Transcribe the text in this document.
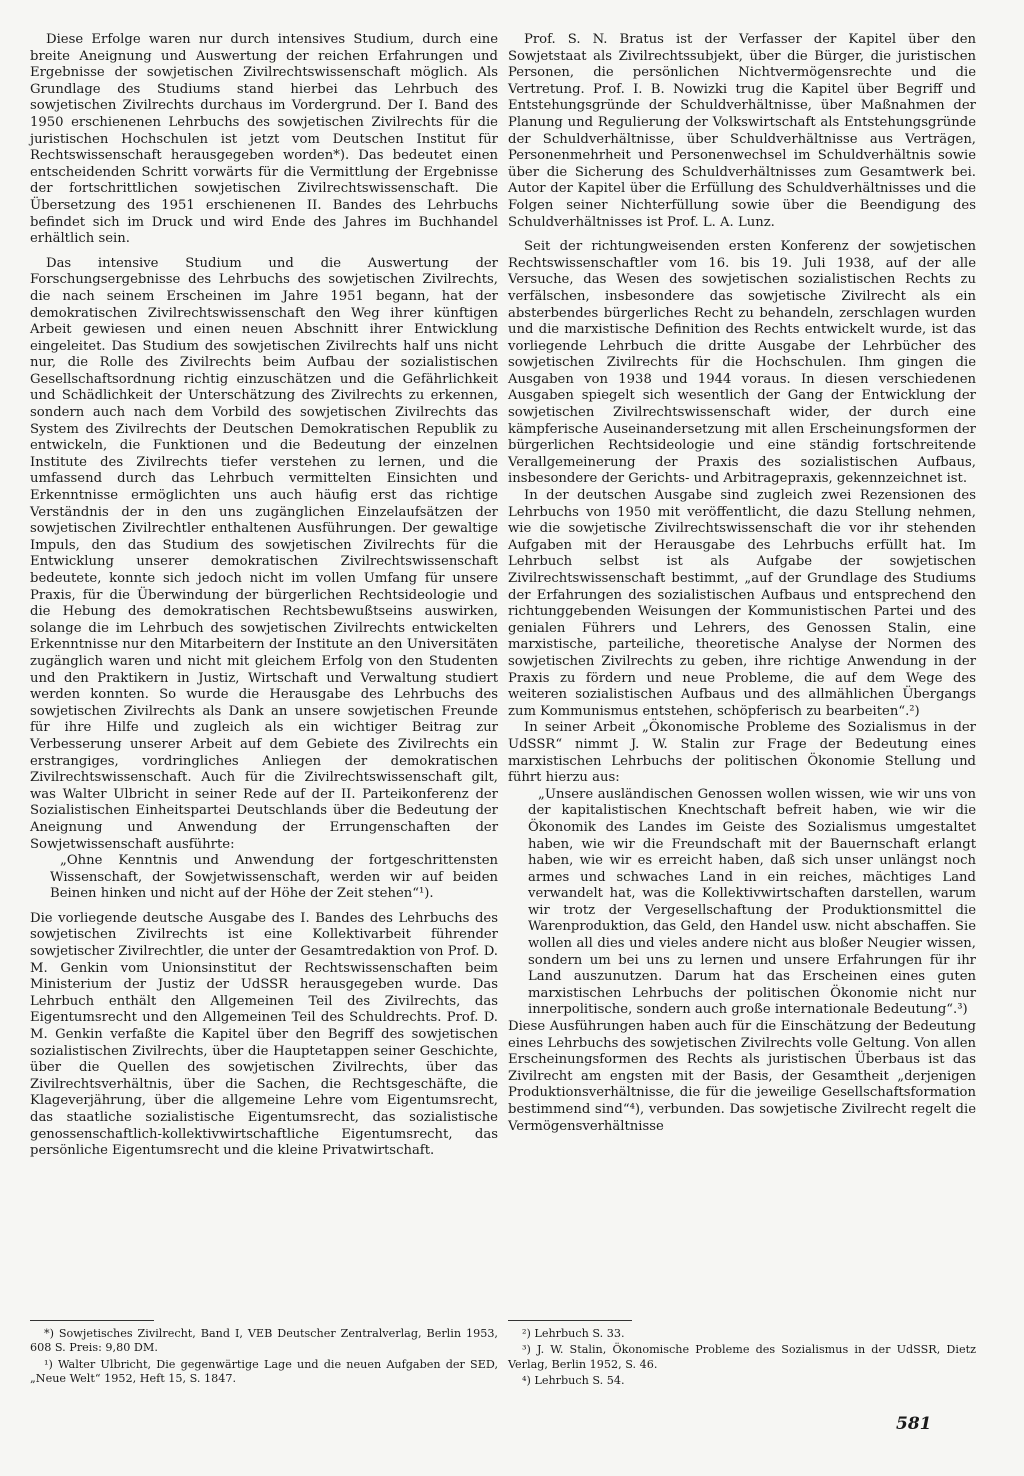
Diese Erfolge waren nur durch intensives Studium, durch eine breite Aneignung und Auswertung der reichen Erfahrungen und Ergebnisse der sowjetischen Zivilrechtswissenschaft möglich. Als Grundlage des Studiums stand hierbei das Lehrbuch des sowjetischen Zivilrechts durchaus im Vordergrund. Der I. Band des 1950 erschienenen Lehrbuchs des sowjetischen Zivilrechts für die juristischen Hochschulen ist jetzt vom Deutschen Institut für Rechtswissenschaft herausgegeben worden*). Das bedeutet einen entscheidenden Schritt vorwärts für die Vermittlung der Ergebnisse der fortschrittlichen sowjetischen Zivilrechtswissenschaft. Die Übersetzung des 1951 erschienenen II. Bandes des Lehrbuchs befindet sich im Druck und wird Ende des Jahres im Buchhandel erhältlich sein.

Das intensive Studium und die Auswertung der Forschungsergebnisse des Lehrbuchs des sowjetischen Zivilrechts, die nach seinem Erscheinen im Jahre 1951 begann, hat der demokratischen Zivilrechtswissenschaft den Weg ihrer künftigen Arbeit gewiesen und einen neuen Abschnitt ihrer Entwicklung eingeleitet. Das Studium des sowjetischen Zivilrechts half uns nicht nur, die Rolle des Zivilrechts beim Aufbau der sozialistischen Gesellschaftsordnung richtig einzuschätzen und die Gefährlichkeit und Schädlichkeit der Unterschätzung des Zivilrechts zu erkennen, sondern auch nach dem Vorbild des sowjetischen Zivilrechts das System des Zivilrechts der Deutschen Demokratischen Republik zu entwickeln, die Funktionen und die Bedeutung der einzelnen Institute des Zivilrechts tiefer verstehen zu lernen, und die umfassend durch das Lehrbuch vermittelten Einsichten und Erkenntnisse ermöglichten uns auch häufig erst das richtige Verständnis der in den uns zugänglichen Einzelaufsätzen der sowjetischen Zivilrechtler enthaltenen Ausführungen. Der gewaltige Impuls, den das Studium des sowjetischen Zivilrechts für die Entwicklung unserer demokratischen Zivilrechtswissenschaft bedeutete, konnte sich jedoch nicht im vollen Umfang für unsere Praxis, für die Überwindung der bürgerlichen Rechtsideologie und die Hebung des demokratischen Rechtsbewußtseins auswirken, solange die im Lehrbuch des sowjetischen Zivilrechts entwickelten Erkenntnisse nur den Mitarbeitern der Institute an den Universitäten zugänglich waren und nicht mit gleichem Erfolg von den Studenten und den Praktikern in Justiz, Wirtschaft und Verwaltung studiert werden konnten. So wurde die Herausgabe des Lehrbuchs des sowjetischen Zivilrechts als Dank an unsere sowjetischen Freunde für ihre Hilfe und zugleich als ein wichtiger Beitrag zur Verbesserung unserer Arbeit auf dem Gebiete des Zivilrechts ein erstrangiges, vordringliches Anliegen der demokratischen Zivilrechtswissenschaft. Auch für die Zivilrechtswissenschaft gilt, was Walter Ulbricht in seiner Rede auf der II. Parteikonferenz der Sozialistischen Einheitspartei Deutschlands über die Bedeutung der Aneignung und Anwendung der Errungenschaften der Sowjetwissenschaft ausführte:

„Ohne Kenntnis und Anwendung der fortgeschrittensten Wissenschaft, der Sowjetwissenschaft, werden wir auf beiden Beinen hinken und nicht auf der Höhe der Zeit stehen“¹).

Die vorliegende deutsche Ausgabe des I. Bandes des Lehrbuchs des sowjetischen Zivilrechts ist eine Kollektivarbeit führender sowjetischer Zivilrechtler, die unter der Gesamtredaktion von Prof. D. M. Genkin vom Unionsinstitut der Rechtswissenschaften beim Ministerium der Justiz der UdSSR herausgegeben wurde. Das Lehrbuch enthält den Allgemeinen Teil des Zivilrechts, das Eigentumsrecht und den Allgemeinen Teil des Schuldrechts. Prof. D. M. Genkin verfaßte die Kapitel über den Begriff des sowjetischen sozialistischen Zivilrechts, über die Hauptetappen seiner Geschichte, über die Quellen des sowjetischen Zivilrechts, über das Zivilrechtsverhältnis, über die Sachen, die Rechtsgeschäfte, die Klageverjährung, über die allgemeine Lehre vom Eigentumsrecht, das staatliche sozialistische Eigentumsrecht, das sozialistische genossenschaftlich-kollektivwirtschaftliche Eigentumsrecht, das persönliche Eigentumsrecht und die kleine Privatwirtschaft.

Prof. S. N. Bratus ist der Verfasser der Kapitel über den Sowjetstaat als Zivilrechtssubjekt, über die Bürger, die juristischen Personen, die persönlichen Nichtvermögensrechte und die Vertretung. Prof. I. B. Nowizki trug die Kapitel über Begriff und Entstehungsgründe der Schuldverhältnisse, über Maßnahmen der Planung und Regulierung der Volkswirtschaft als Entstehungsgründe der Schuldverhältnisse, über Schuldverhältnisse aus Verträgen, Personenmehrheit und Personenwechsel im Schuldverhältnis sowie über die Sicherung des Schuldverhältnisses zum Gesamtwerk bei. Autor der Kapitel über die Erfüllung des Schuldverhältnisses und die Folgen seiner Nichterfüllung sowie über die Beendigung des Schuldverhältnisses ist Prof. L. A. Lunz.

Seit der richtungweisenden ersten Konferenz der sowjetischen Rechtswissenschaftler vom 16. bis 19. Juli 1938, auf der alle Versuche, das Wesen des sowjetischen sozialistischen Rechts zu verfälschen, insbesondere das sowjetische Zivilrecht als ein absterbendes bürgerliches Recht zu behandeln, zerschlagen wurden und die marxistische Definition des Rechts entwickelt wurde, ist das vorliegende Lehrbuch die dritte Ausgabe der Lehrbücher des sowjetischen Zivilrechts für die Hochschulen. Ihm gingen die Ausgaben von 1938 und 1944 voraus. In diesen verschiedenen Ausgaben spiegelt sich wesentlich der Gang der Entwicklung der sowjetischen Zivilrechtswissenschaft wider, der durch eine kämpferische Auseinandersetzung mit allen Erscheinungsformen der bürgerlichen Rechtsideologie und eine ständig fortschreitende Verallgemeinerung der Praxis des sozialistischen Aufbaus, insbesondere der Gerichts- und Arbitragepraxis, gekennzeichnet ist.

In der deutschen Ausgabe sind zugleich zwei Rezensionen des Lehrbuchs von 1950 mit veröffentlicht, die dazu Stellung nehmen, wie die sowjetische Zivilrechtswissenschaft die vor ihr stehenden Aufgaben mit der Herausgabe des Lehrbuchs erfüllt hat. Im Lehrbuch selbst ist als Aufgabe der sowjetischen Zivilrechtswissenschaft bestimmt, „auf der Grundlage des Studiums der Erfahrungen des sozialistischen Aufbaus und entsprechend den richtunggebenden Weisungen der Kommunistischen Partei und des genialen Führers und Lehrers, des Genossen Stalin, eine marxistische, parteiliche, theoretische Analyse der Normen des sowjetischen Zivilrechts zu geben, ihre richtige Anwendung in der Praxis zu fördern und neue Probleme, die auf dem Wege des weiteren sozialistischen Aufbaus und des allmählichen Übergangs zum Kommunismus entstehen, schöpferisch zu bearbeiten“.²)

In seiner Arbeit „Ökonomische Probleme des Sozialismus in der UdSSR“ nimmt J. W. Stalin zur Frage der Bedeutung eines marxistischen Lehrbuchs der politischen Ökonomie Stellung und führt hierzu aus:

„Unsere ausländischen Genossen wollen wissen, wie wir uns von der kapitalistischen Knechtschaft befreit haben, wie wir die Ökonomik des Landes im Geiste des Sozialismus umgestaltet haben, wie wir die Freundschaft mit der Bauernschaft erlangt haben, wie wir es erreicht haben, daß sich unser unlängst noch armes und schwaches Land in ein reiches, mächtiges Land verwandelt hat, was die Kollektivwirtschaften darstellen, warum wir trotz der Vergesellschaftung der Produktionsmittel die Warenproduktion, das Geld, den Handel usw. nicht abschaffen. Sie wollen all dies und vieles andere nicht aus bloßer Neugier wissen, sondern um bei uns zu lernen und unsere Erfahrungen für ihr Land auszunutzen. Darum hat das Erscheinen eines guten marxistischen Lehrbuchs der politischen Ökonomie nicht nur innerpolitische, sondern auch große internationale Bedeutung“.³)

Diese Ausführungen haben auch für die Einschätzung der Bedeutung eines Lehrbuchs des sowjetischen Zivilrechts volle Geltung. Von allen Erscheinungsformen des Rechts als juristischen Überbaus ist das Zivilrecht am engsten mit der Basis, der Gesamtheit „derjenigen Produktionsverhältnisse, die für die jeweilige Gesellschaftsformation bestimmend sind“⁴), verbunden. Das sowjetische Zivilrecht regelt die Vermögensverhältnisse

*) Sowjetisches Zivilrecht, Band I, VEB Deutscher Zentralverlag, Berlin 1953, 608 S. Preis: 9,80 DM.

¹) Walter Ulbricht, Die gegenwärtige Lage und die neuen Aufgaben der SED, „Neue Welt“ 1952, Heft 15, S. 1847.

²) Lehrbuch S. 33.

³) J. W. Stalin, Ökonomische Probleme des Sozialismus in der UdSSR, Dietz Verlag, Berlin 1952, S. 46.

⁴) Lehrbuch S. 54.

581
